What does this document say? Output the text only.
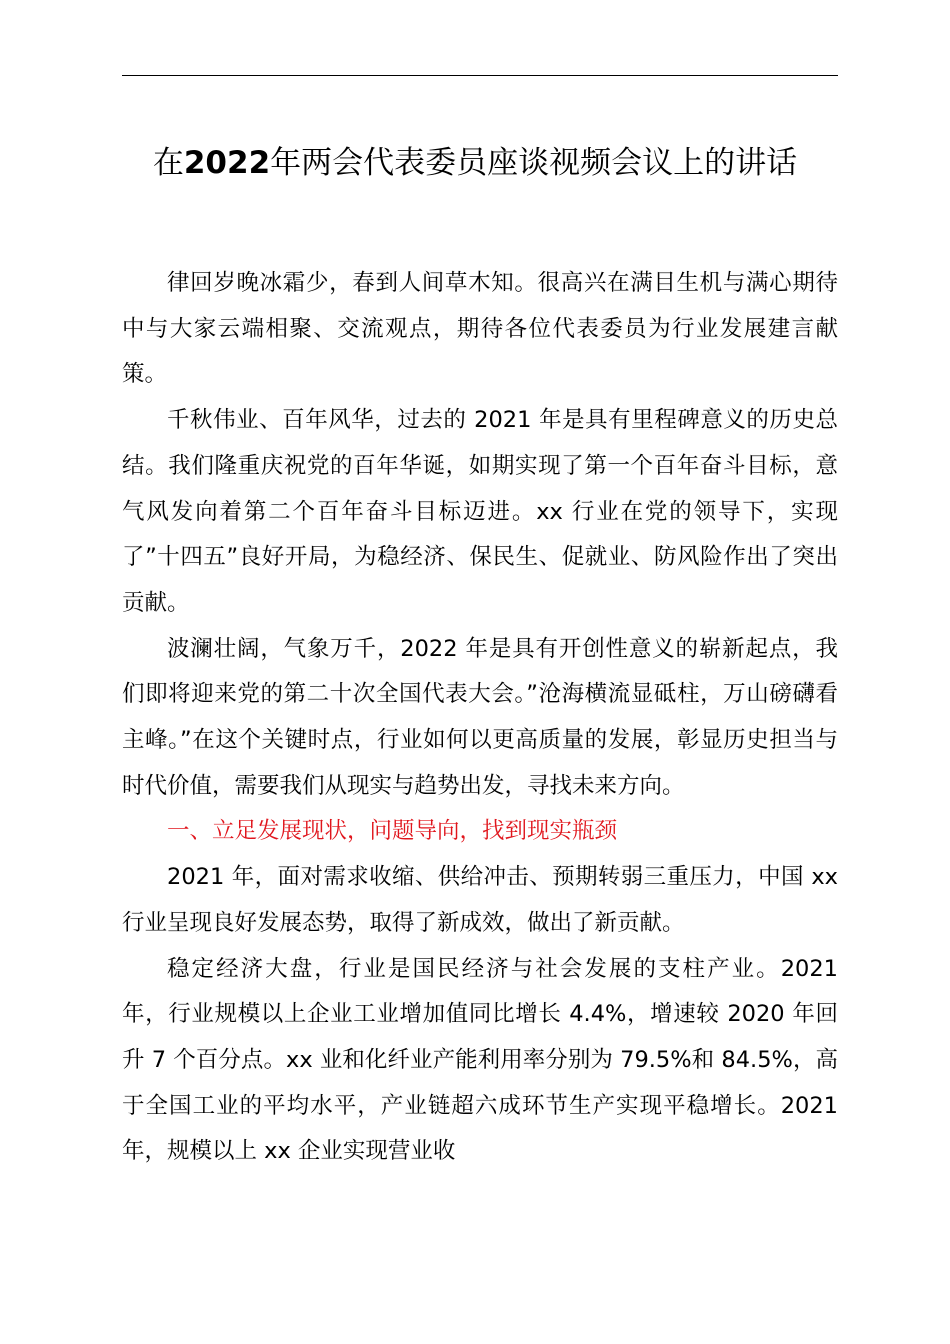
在2022年两会代表委员座谈视频会议上的讲话

律回岁晚冰霜少，春到人间草木知。很高兴在满目生机与满心期待中与大家云端相聚、交流观点，期待各位代表委员为行业发展建言献策。

千秋伟业、百年风华，过去的 2021 年是具有里程碑意义的历史总结。我们隆重庆祝党的百年华诞，如期实现了第一个百年奋斗目标，意气风发向着第二个百年奋斗目标迈进。xx 行业在党的领导下，实现了”十四五”良好开局，为稳经济、保民生、促就业、防风险作出了突出贡献。

波澜壮阔，气象万千，2022 年是具有开创性意义的崭新起点，我们即将迎来党的第二十次全国代表大会。”沧海横流显砥柱，万山磅礴看主峰。”在这个关键时点，行业如何以更高质量的发展，彰显历史担当与时代价值，需要我们从现实与趋势出发，寻找未来方向。

一、立足发展现状，问题导向，找到现实瓶颈

2021 年，面对需求收缩、供给冲击、预期转弱三重压力，中国 xx 行业呈现良好发展态势，取得了新成效，做出了新贡献。

稳定经济大盘，行业是国民经济与社会发展的支柱产业。2021 年，行业规模以上企业工业增加值同比增长 4.4%，增速较 2020 年回升 7 个百分点。xx 业和化纤业产能利用率分别为 79.5%和 84.5%，高于全国工业的平均水平，产业链超六成环节生产实现平稳增长。2021 年，规模以上 xx 企业实现营业收
